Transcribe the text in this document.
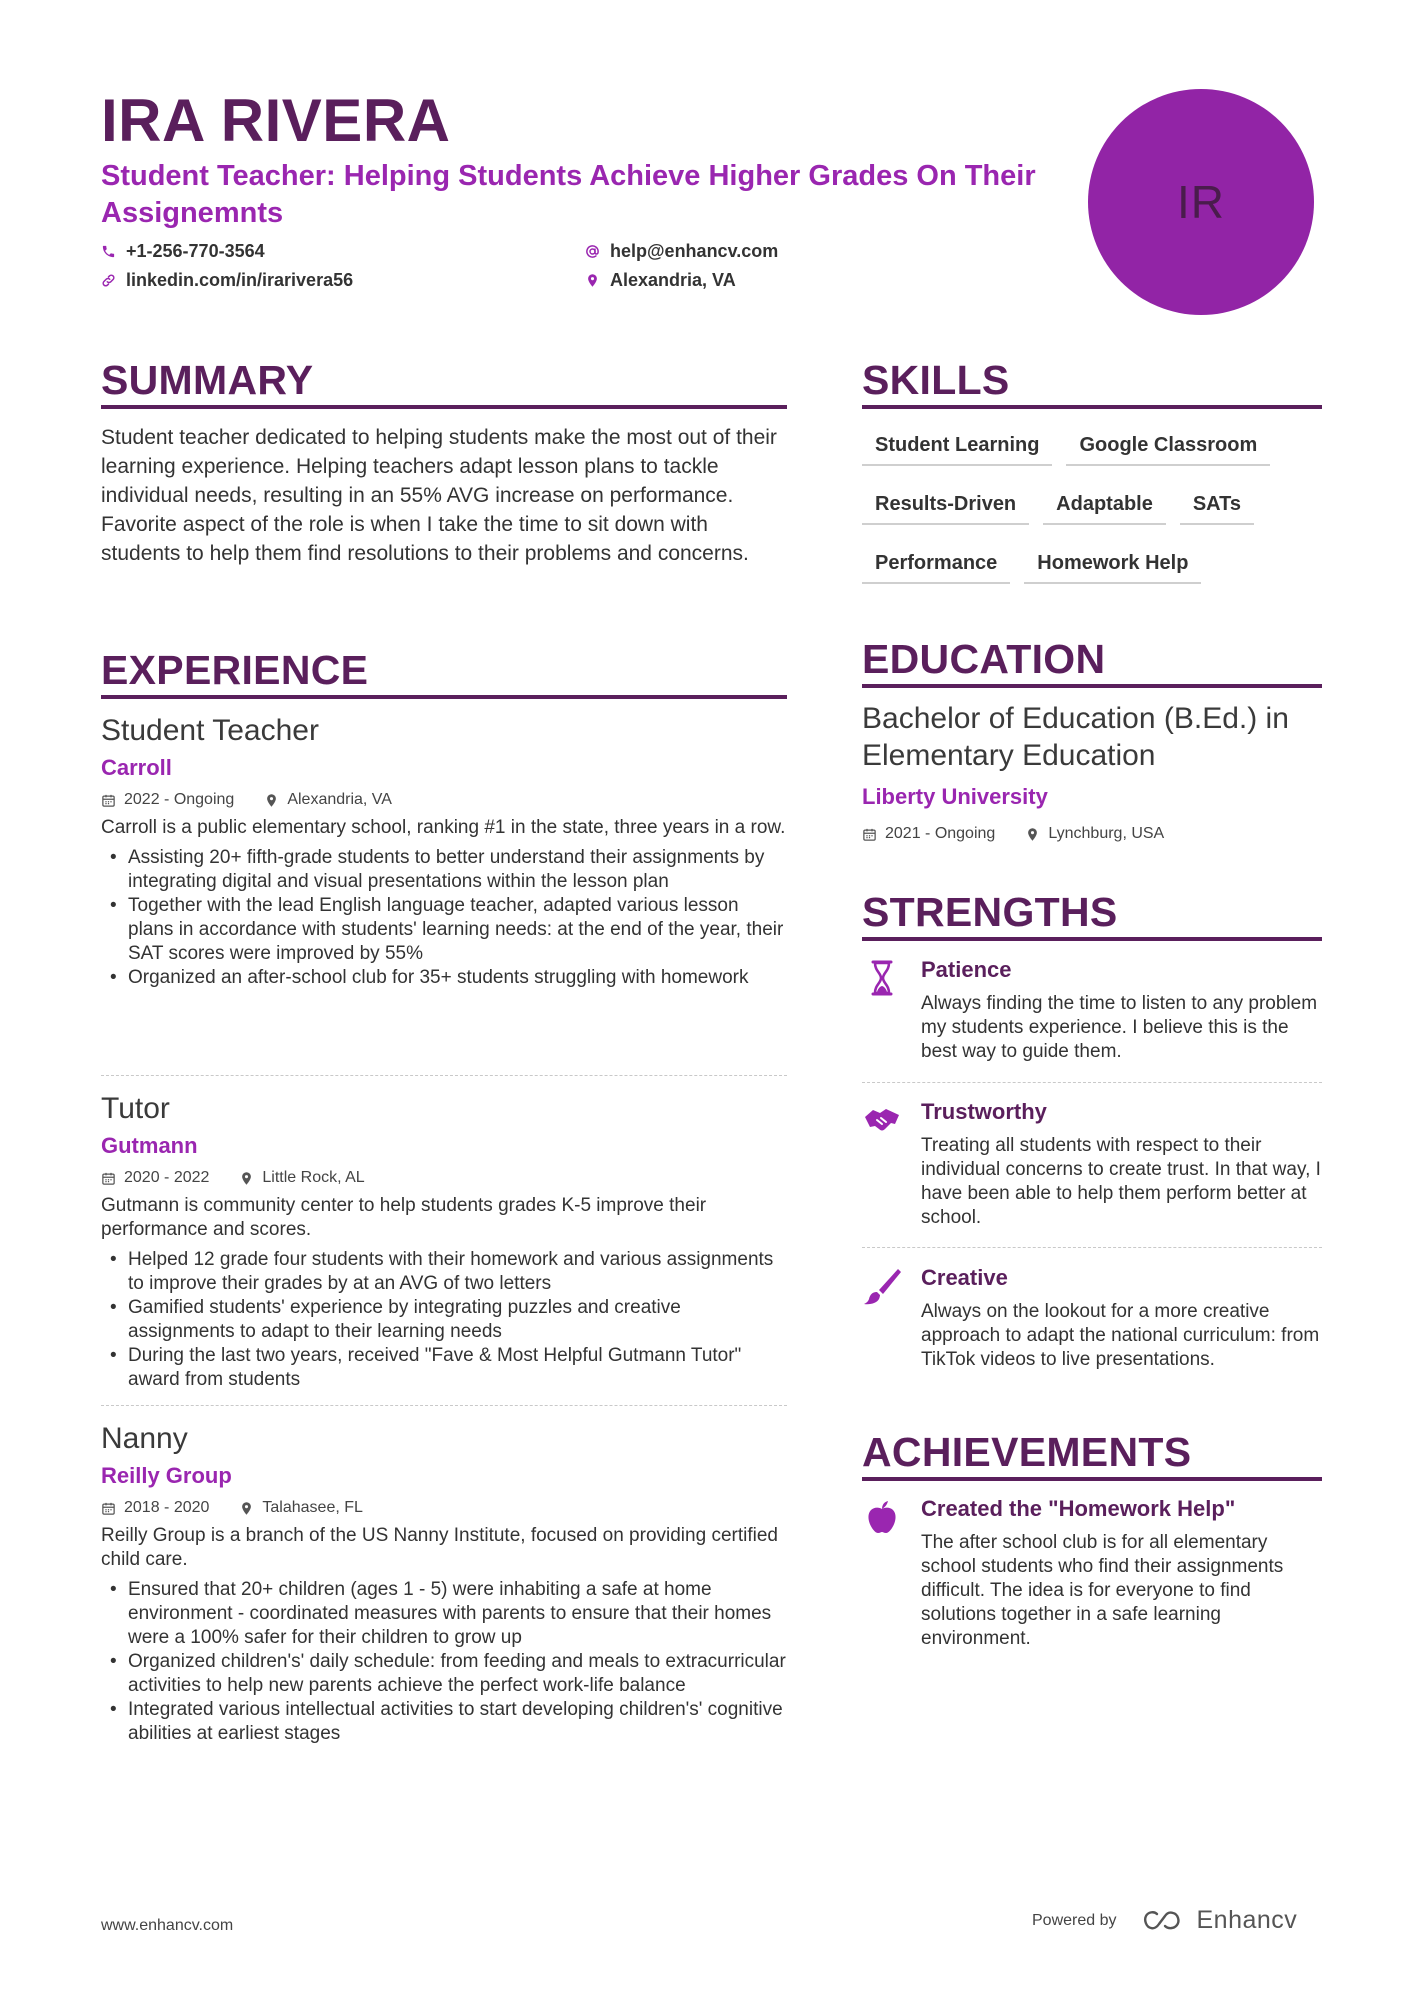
IRA RIVERA
Student Teacher: Helping Students Achieve Higher Grades On Their Assignemnts
+1-256-770-3564	help@enhancv.com
linkedin.com/in/irarivera56	Alexandria, VA
IR
SUMMARY

Student teacher dedicated to helping students make the most out of their learning experience. Helping teachers adapt lesson plans to tackle individual needs, resulting in an 55% AVG increase on performance. Favorite aspect of the role is when I take the time to sit down with students to help them find resolutions to their problems and concerns.

EXPERIENCE
Student Teacher
Carroll
2022 - Ongoing	Alexandria, VA

Carroll is a public elementary school, ranking #1 in the state, three years in a row.

• Assisting 20+ fifth-grade students to better understand their assignments by integrating digital and visual presentations within the lesson plan
• Together with the lead English language teacher, adapted various lesson plans in accordance with students' learning needs: at the end of the year, their SAT scores were improved by 55%
• Organized an after-school club for 35+ students struggling with homework
Tutor
Gutmann
2020 - 2022	Little Rock, AL

Gutmann is community center to help students grades K-5 improve their performance and scores.

• Helped 12 grade four students with their homework and various assignments to improve their grades by at an AVG of two letters
• Gamified students' experience by integrating puzzles and creative assignments to adapt to their learning needs
• During the last two years, received "Fave & Most Helpful Gutmann Tutor" award from students
Nanny
Reilly Group
2018 - 2020	Talahasee, FL

Reilly Group is a branch of the US Nanny Institute, focused on providing certified child care.

• Ensured that 20+ children (ages 1 - 5) were inhabiting a safe at home environment - coordinated measures with parents to ensure that their homes were a 100% safer for their children to grow up
• Organized children's' daily schedule: from feeding and meals to extracurricular activities to help new parents achieve the perfect work-life balance
• Integrated various intellectual activities to start developing children's' cognitive abilities at earliest stages
SKILLS
Student Learning	Google Classroom
Results-Driven	Adaptable	SATs
Performance	Homework Help
EDUCATION
Bachelor of Education (B.Ed.) in Elementary Education
Liberty University
2021 - Ongoing	Lynchburg, USA
STRENGTHS
Patience

Always finding the time to listen to any problem my students experience. I believe this is the best way to guide them.

Trustworthy

Treating all students with respect to their individual concerns to create trust. In that way, I have been able to help them perform better at school.

Creative

Always on the lookout for a more creative approach to adapt the national curriculum: from TikTok videos to live presentations.

ACHIEVEMENTS
Created the "Homework Help"

The after school club is for all elementary school students who find their assignments difficult. The idea is for everyone to find solutions together in a safe learning environment.

www.enhancv.com	Powered by	Enhancv
